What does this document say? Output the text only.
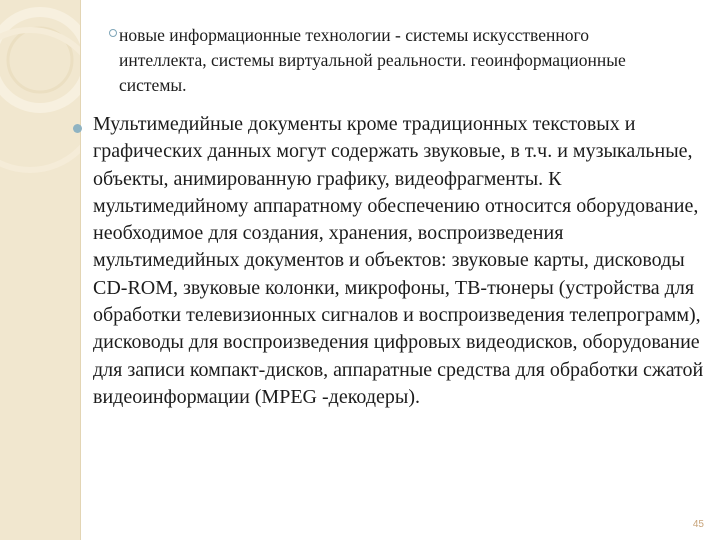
новые информационные технологии - системы искусственного интеллекта, системы виртуальной реальности. геоинформационные системы.
Мультимедийные документы кроме традиционных текстовых и графических данных могут содержать звуковые, в т.ч. и музыкальные, объекты, анимированную графику, видеофрагменты. К мультимедийному аппаратному обеспечению относится оборудование, необходимое для создания, хранения, воспроизведения мультимедийных документов и объектов: звуковые карты, дисководы CD-ROM, звуковые колонки, микрофоны, ТВ-тюнеры (устройства для обработки телевизионных сигналов и воспроизведения телепрограмм), дисководы для воспроизведения цифровых видеодисков, оборудование для записи компакт-дисков, аппаратные средства для обработки сжатой видеоинформации (MPEG -декодеры).
45
